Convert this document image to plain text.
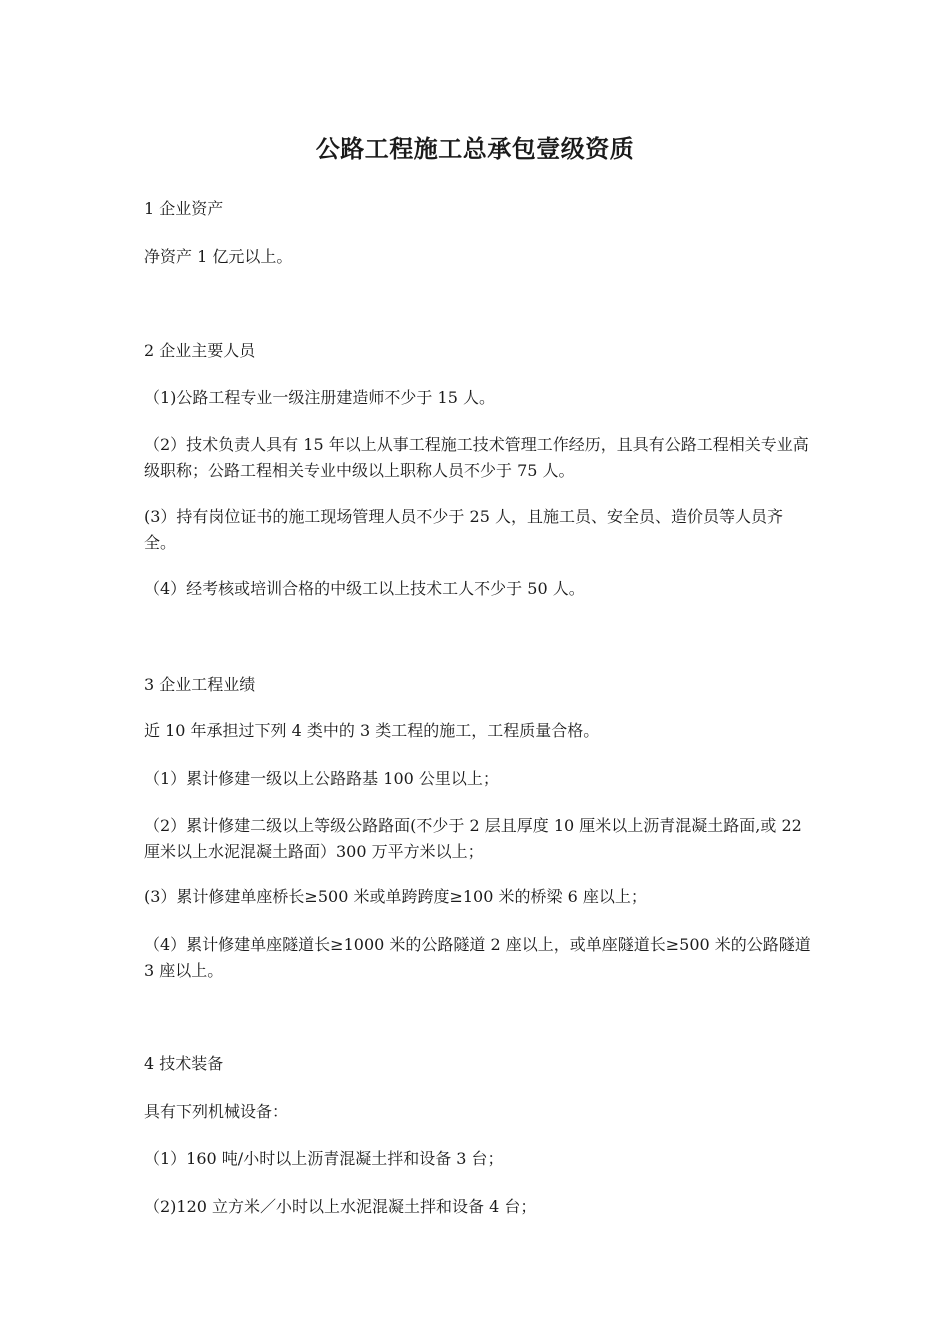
公路工程施工总承包壹级资质

1 企业资产

净资产 1 亿元以上。

2 企业主要人员

（1)公路工程专业一级注册建造师不少于 15 人。

（2）技术负责人具有 15 年以上从事工程施工技术管理工作经历，且具有公路工程相关专业高级职称；公路工程相关专业中级以上职称人员不少于 75 人。

(3）持有岗位证书的施工现场管理人员不少于 25 人，且施工员、安全员、造价员等人员齐全。

（4）经考核或培训合格的中级工以上技术工人不少于 50 人。

3 企业工程业绩

近 10 年承担过下列 4 类中的 3 类工程的施工，工程质量合格。

（1）累计修建一级以上公路路基 100 公里以上；

（2）累计修建二级以上等级公路路面(不少于 2 层且厚度 10 厘米以上沥青混凝土路面,或 22 厘米以上水泥混凝土路面）300 万平方米以上；

(3）累计修建单座桥长≥500 米或单跨跨度≥100 米的桥梁 6 座以上；

（4）累计修建单座隧道长≥1000 米的公路隧道 2 座以上，或单座隧道长≥500 米的公路隧道 3 座以上。

4 技术装备

具有下列机械设备：

（1）160 吨/小时以上沥青混凝土拌和设备 3 台；

（2)120 立方米／小时以上水泥混凝土拌和设备 4 台；
